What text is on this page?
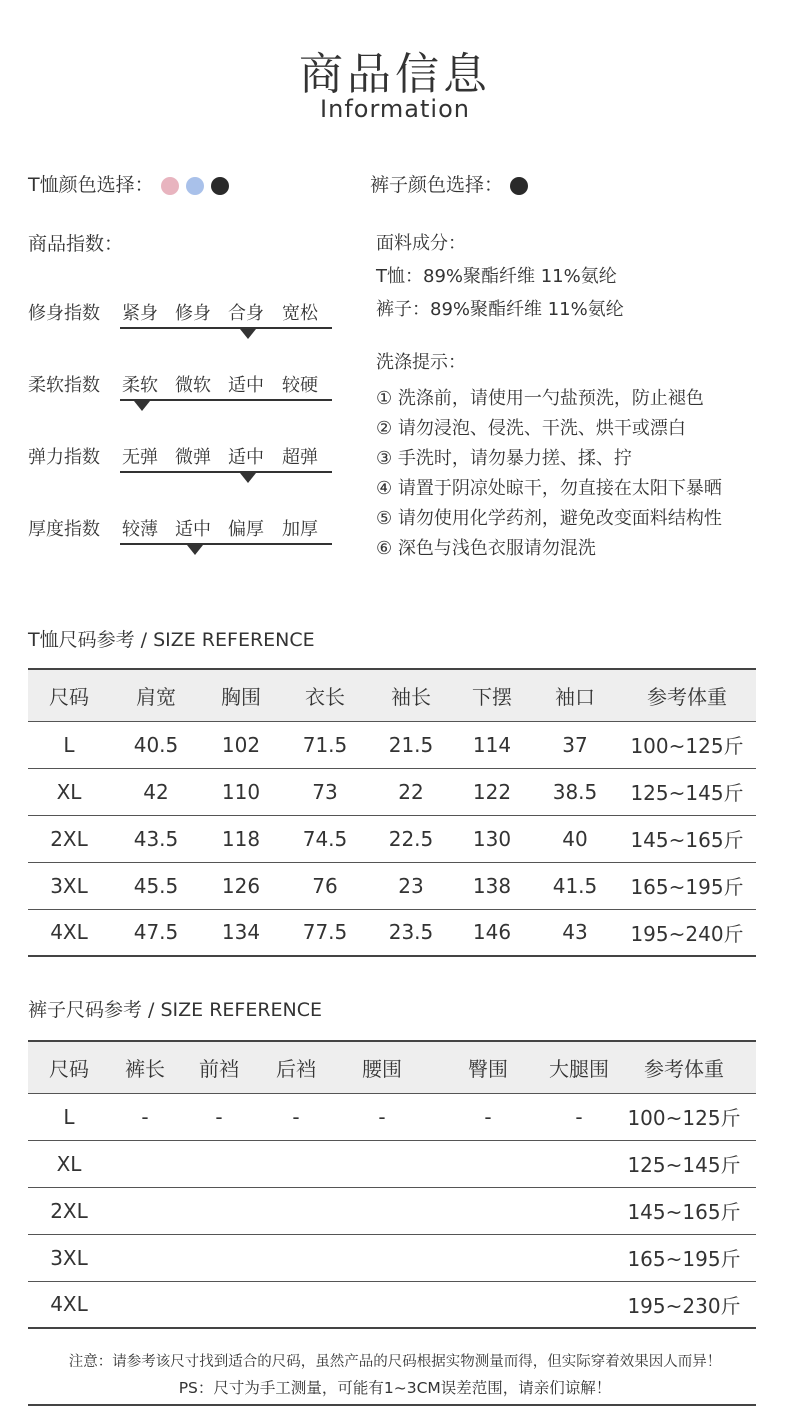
商品信息
Information
T恤颜色选择：	裤子颜色选择：
商品指数：
修身指数 紧身 修身 合身 宽松
柔软指数 柔软 微软 适中 较硬
弹力指数 无弹 微弹 适中 超弹
厚度指数 较薄 适中 偏厚 加厚
面料成分：
T恤：89%聚酯纤维 11%氨纶
裤子：89%聚酯纤维 11%氨纶
洗涤提示：
① 洗涤前，请使用一勺盐预洗，防止褪色
② 请勿浸泡、侵洗、干洗、烘干或漂白
③ 手洗时，请勿暴力搓、揉、拧
④ 请置于阴凉处晾干，勿直接在太阳下暴晒
⑤ 请勿使用化学药剂，避免改变面料结构性
⑥ 深色与浅色衣服请勿混洗
T恤尺码参考 / SIZE REFERENCE
尺码	肩宽	胸围	衣长	袖长	下摆	袖口	参考体重
L	40.5	102	71.5	21.5	114	37	100~125斤
XL	42	110	73	22	122	38.5	125~145斤
2XL	43.5	118	74.5	22.5	130	40	145~165斤
3XL	45.5	126	76	23	138	41.5	165~195斤
4XL	47.5	134	77.5	23.5	146	43	195~240斤
裤子尺码参考 / SIZE REFERENCE
尺码	裤长	前裆	后裆	腰围	臀围	大腿围	参考体重
L	-	-	-	-	-	-	100~125斤
XL							125~145斤
2XL							145~165斤
3XL							165~195斤
4XL							195~230斤
注意：请参考该尺寸找到适合的尺码，虽然产品的尺码根据实物测量而得，但实际穿着效果因人而异！
PS：尺寸为手工测量，可能有1~3CM误差范围，请亲们谅解！
